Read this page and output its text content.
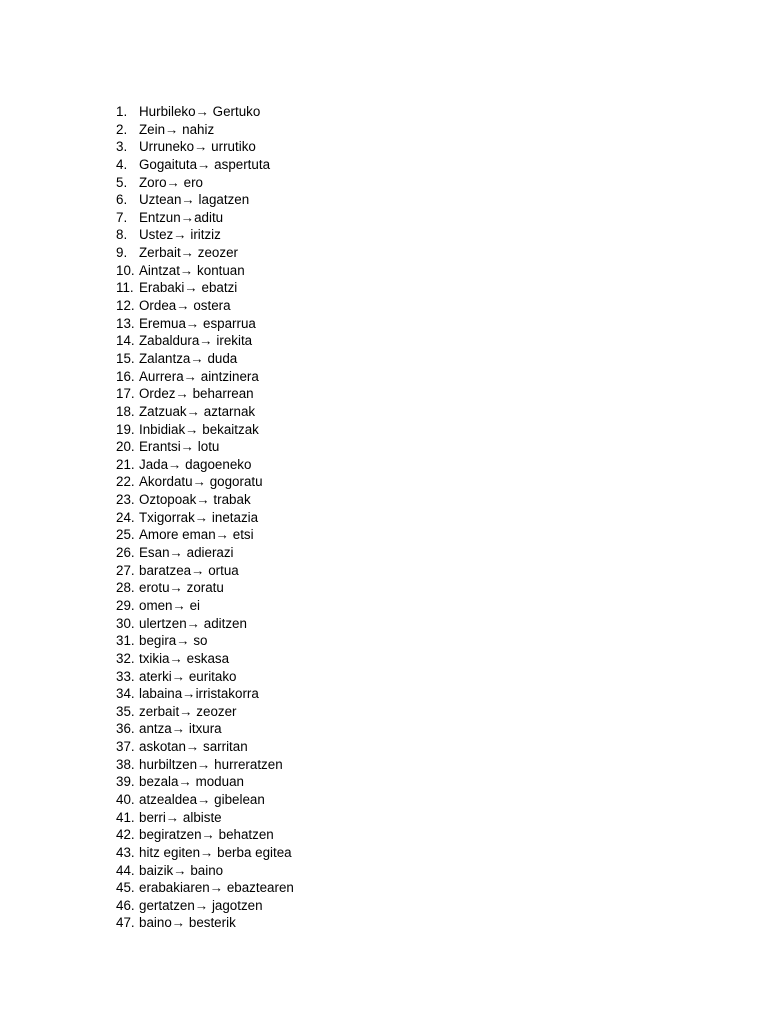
1. Hurbileko→ Gertuko
2. Zein→ nahiz
3. Urruneko→ urrutiko
4. Gogaituta→ aspertuta
5. Zoro→ ero
6. Uztean→ lagatzen
7. Entzun→aditu
8. Ustez→ iritziz
9. Zerbait→ zeozer
10. Aintzat→ kontuan
11. Erabaki→ ebatzi
12. Ordea→ ostera
13. Eremua→ esparrua
14. Zabaldura→ irekita
15. Zalantza→ duda
16. Aurrera→ aintzinera
17. Ordez→ beharrean
18. Zatzuak→ aztarnak
19. Inbidiak→ bekaitzak
20. Erantsi→ lotu
21. Jada→ dagoeneko
22. Akordatu→ gogoratu
23. Oztopoak→ trabak
24. Txigorrak→ inetazia
25. Amore eman→ etsi
26. Esan→ adierazi
27. baratzea→ ortua
28. erotu→ zoratu
29. omen→ ei
30. ulertzen→ aditzen
31. begira→ so
32. txikia→ eskasa
33. aterki→ euritako
34. labaina→irristakorra
35. zerbait→ zeozer
36. antza→ itxura
37. askotan→ sarritan
38. hurbiltzen→ hurreratzen
39. bezala→ moduan
40. atzealdea→ gibelean
41. berri→ albiste
42. begiratzen→ behatzen
43. hitz egiten→ berba egitea
44. baizik→ baino
45. erabakiaren→ ebaztearen
46. gertatzen→ jagotzen
47. baino→ besterik
